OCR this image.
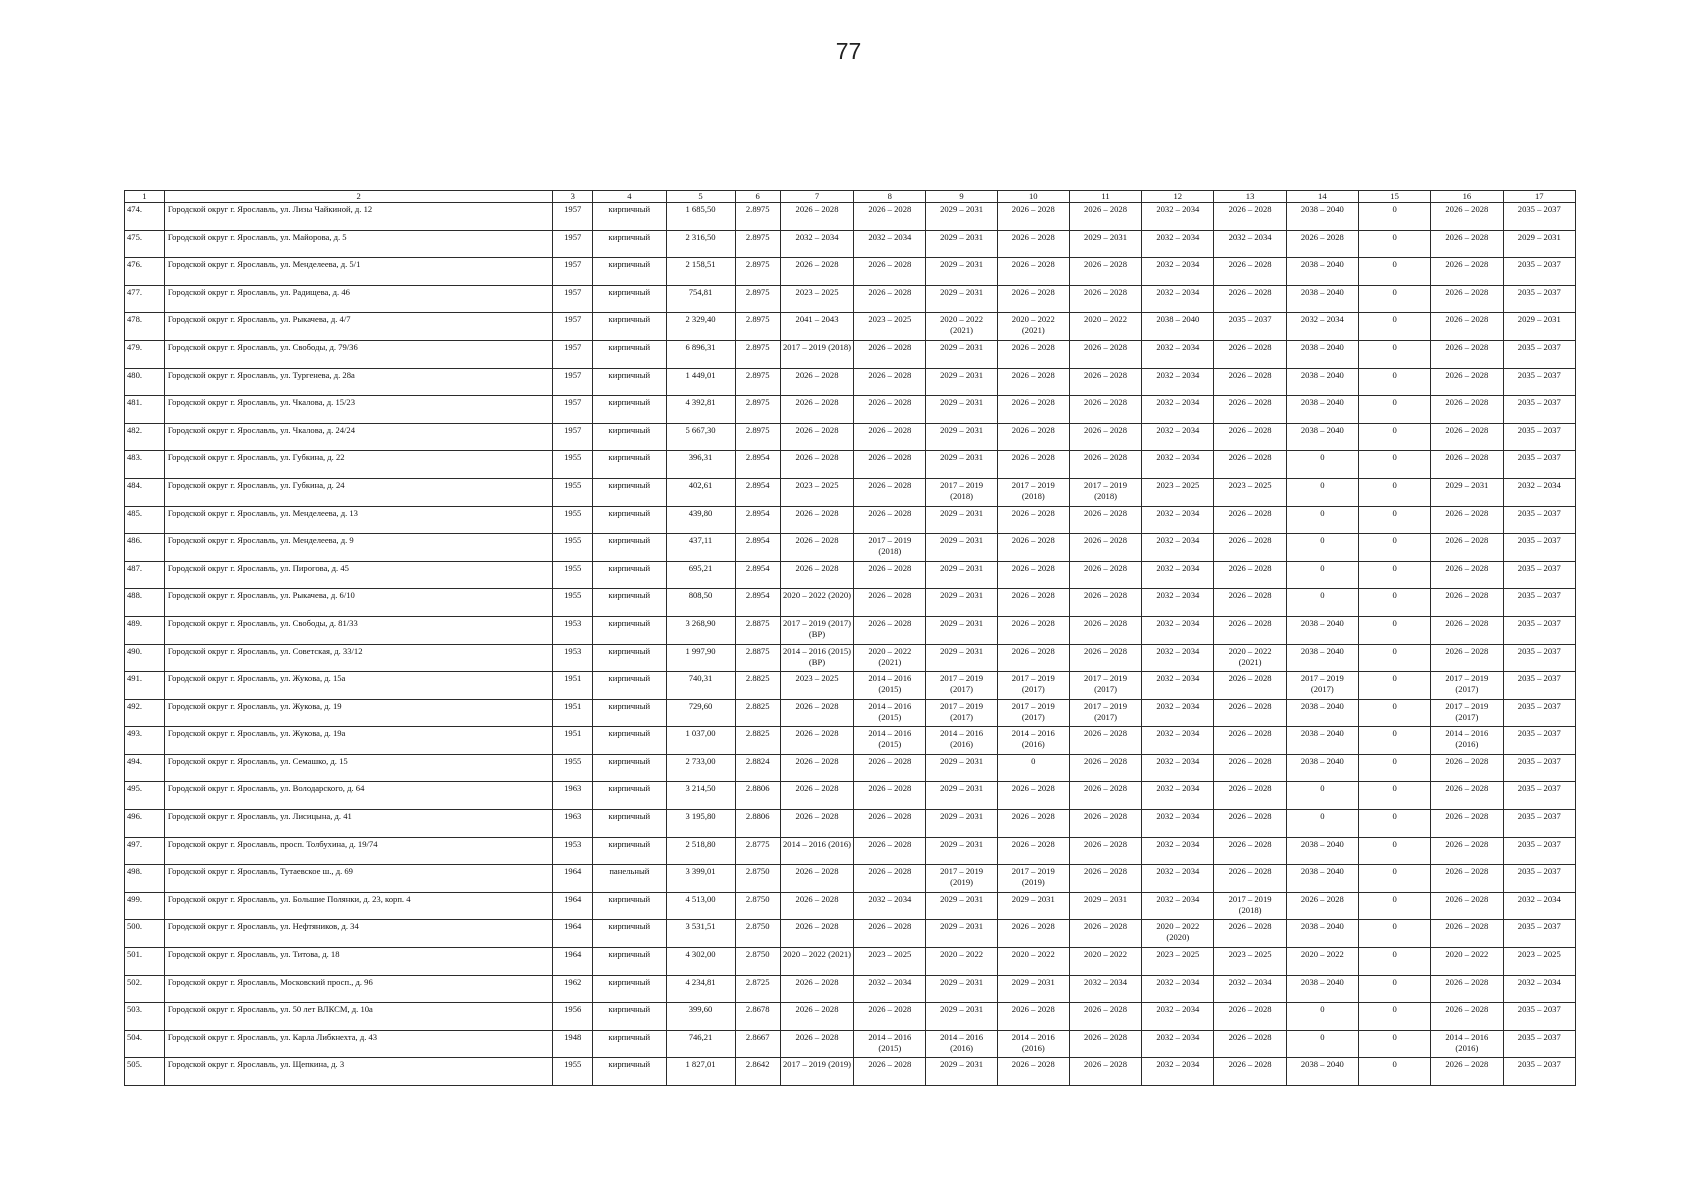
77
1	2	3	4	5	6	7	8	9	10	11	12	13	14	15	16	17
474.	Городской округ г. Ярославль, ул. Лизы Чайкиной, д. 12	1957	кирпичный	1 685,50	2.8975	2026 – 2028	2026 – 2028	2029 – 2031	2026 – 2028	2026 – 2028	2032 – 2034	2026 – 2028	2038 – 2040	0	2026 – 2028	2035 – 2037
475.	Городской округ г. Ярославль, ул. Майорова, д. 5	1957	кирпичный	2 316,50	2.8975	2032 – 2034	2032 – 2034	2029 – 2031	2026 – 2028	2029 – 2031	2032 – 2034	2032 – 2034	2026 – 2028	0	2026 – 2028	2029 – 2031
476.	Городской округ г. Ярославль, ул. Менделеева, д. 5/1	1957	кирпичный	2 158,51	2.8975	2026 – 2028	2026 – 2028	2029 – 2031	2026 – 2028	2026 – 2028	2032 – 2034	2026 – 2028	2038 – 2040	0	2026 – 2028	2035 – 2037
477.	Городской округ г. Ярославль, ул. Радищева, д. 46	1957	кирпичный	754,81	2.8975	2023 – 2025	2026 – 2028	2029 – 2031	2026 – 2028	2026 – 2028	2032 – 2034	2026 – 2028	2038 – 2040	0	2026 – 2028	2035 – 2037
478.	Городской округ г. Ярославль, ул. Рыкачева, д. 4/7	1957	кирпичный	2 329,40	2.8975	2041 – 2043	2023 – 2025	2020 – 2022 (2021)	2020 – 2022 (2021)	2020 – 2022	2038 – 2040	2035 – 2037	2032 – 2034	0	2026 – 2028	2029 – 2031
479.	Городской округ г. Ярославль, ул. Свободы, д. 79/36	1957	кирпичный	6 896,31	2.8975	2017 – 2019 (2018)	2026 – 2028	2029 – 2031	2026 – 2028	2026 – 2028	2032 – 2034	2026 – 2028	2038 – 2040	0	2026 – 2028	2035 – 2037
480.	Городской округ г. Ярославль, ул. Тургенева, д. 28а	1957	кирпичный	1 449,01	2.8975	2026 – 2028	2026 – 2028	2029 – 2031	2026 – 2028	2026 – 2028	2032 – 2034	2026 – 2028	2038 – 2040	0	2026 – 2028	2035 – 2037
481.	Городской округ г. Ярославль, ул. Чкалова, д. 15/23	1957	кирпичный	4 392,81	2.8975	2026 – 2028	2026 – 2028	2029 – 2031	2026 – 2028	2026 – 2028	2032 – 2034	2026 – 2028	2038 – 2040	0	2026 – 2028	2035 – 2037
482.	Городской округ г. Ярославль, ул. Чкалова, д. 24/24	1957	кирпичный	5 667,30	2.8975	2026 – 2028	2026 – 2028	2029 – 2031	2026 – 2028	2026 – 2028	2032 – 2034	2026 – 2028	2038 – 2040	0	2026 – 2028	2035 – 2037
483.	Городской округ г. Ярославль, ул. Губкина, д. 22	1955	кирпичный	396,31	2.8954	2026 – 2028	2026 – 2028	2029 – 2031	2026 – 2028	2026 – 2028	2032 – 2034	2026 – 2028	0	0	2026 – 2028	2035 – 2037
484.	Городской округ г. Ярославль, ул. Губкина, д. 24	1955	кирпичный	402,61	2.8954	2023 – 2025	2026 – 2028	2017 – 2019 (2018)	2017 – 2019 (2018)	2017 – 2019 (2018)	2023 – 2025	2023 – 2025	0	0	2029 – 2031	2032 – 2034
485.	Городской округ г. Ярославль, ул. Менделеева, д. 13	1955	кирпичный	439,80	2.8954	2026 – 2028	2026 – 2028	2029 – 2031	2026 – 2028	2026 – 2028	2032 – 2034	2026 – 2028	0	0	2026 – 2028	2035 – 2037
486.	Городской округ г. Ярославль, ул. Менделеева, д. 9	1955	кирпичный	437,11	2.8954	2026 – 2028	2017 – 2019 (2018)	2029 – 2031	2026 – 2028	2026 – 2028	2032 – 2034	2026 – 2028	0	0	2026 – 2028	2035 – 2037
487.	Городской округ г. Ярославль, ул. Пирогова, д. 45	1955	кирпичный	695,21	2.8954	2026 – 2028	2026 – 2028	2029 – 2031	2026 – 2028	2026 – 2028	2032 – 2034	2026 – 2028	0	0	2026 – 2028	2035 – 2037
488.	Городской округ г. Ярославль, ул. Рыкачева, д. 6/10	1955	кирпичный	808,50	2.8954	2020 – 2022 (2020)	2026 – 2028	2029 – 2031	2026 – 2028	2026 – 2028	2032 – 2034	2026 – 2028	0	0	2026 – 2028	2035 – 2037
489.	Городской округ г. Ярославль, ул. Свободы, д. 81/33	1953	кирпичный	3 268,90	2.8875	2017 – 2019 (2017) (ВР)	2026 – 2028	2029 – 2031	2026 – 2028	2026 – 2028	2032 – 2034	2026 – 2028	2038 – 2040	0	2026 – 2028	2035 – 2037
490.	Городской округ г. Ярославль, ул. Советская, д. 33/12	1953	кирпичный	1 997,90	2.8875	2014 – 2016 (2015) (ВР)	2020 – 2022 (2021)	2029 – 2031	2026 – 2028	2026 – 2028	2032 – 2034	2020 – 2022 (2021)	2038 – 2040	0	2026 – 2028	2035 – 2037
491.	Городской округ г. Ярославль, ул. Жукова, д. 15а	1951	кирпичный	740,31	2.8825	2023 – 2025	2014 – 2016 (2015)	2017 – 2019 (2017)	2017 – 2019 (2017)	2017 – 2019 (2017)	2032 – 2034	2026 – 2028	2017 – 2019 (2017)	0	2017 – 2019 (2017)	2035 – 2037
492.	Городской округ г. Ярославль, ул. Жукова, д. 19	1951	кирпичный	729,60	2.8825	2026 – 2028	2014 – 2016 (2015)	2017 – 2019 (2017)	2017 – 2019 (2017)	2017 – 2019 (2017)	2032 – 2034	2026 – 2028	2038 – 2040	0	2017 – 2019 (2017)	2035 – 2037
493.	Городской округ г. Ярославль, ул. Жукова, д. 19а	1951	кирпичный	1 037,00	2.8825	2026 – 2028	2014 – 2016 (2015)	2014 – 2016 (2016)	2014 – 2016 (2016)	2026 – 2028	2032 – 2034	2026 – 2028	2038 – 2040	0	2014 – 2016 (2016)	2035 – 2037
494.	Городской округ г. Ярославль, ул. Семашко, д. 15	1955	кирпичный	2 733,00	2.8824	2026 – 2028	2026 – 2028	2029 – 2031	0	2026 – 2028	2032 – 2034	2026 – 2028	2038 – 2040	0	2026 – 2028	2035 – 2037
495.	Городской округ г. Ярославль, ул. Володарского, д. 64	1963	кирпичный	3 214,50	2.8806	2026 – 2028	2026 – 2028	2029 – 2031	2026 – 2028	2026 – 2028	2032 – 2034	2026 – 2028	0	0	2026 – 2028	2035 – 2037
496.	Городской округ г. Ярославль, ул. Лисицына, д. 41	1963	кирпичный	3 195,80	2.8806	2026 – 2028	2026 – 2028	2029 – 2031	2026 – 2028	2026 – 2028	2032 – 2034	2026 – 2028	0	0	2026 – 2028	2035 – 2037
497.	Городской округ г. Ярославль, просп. Толбухина, д. 19/74	1953	кирпичный	2 518,80	2.8775	2014 – 2016 (2016)	2026 – 2028	2029 – 2031	2026 – 2028	2026 – 2028	2032 – 2034	2026 – 2028	2038 – 2040	0	2026 – 2028	2035 – 2037
498.	Городской округ г. Ярославль, Тутаевское ш., д. 69	1964	панельный	3 399,01	2.8750	2026 – 2028	2026 – 2028	2017 – 2019 (2019)	2017 – 2019 (2019)	2026 – 2028	2032 – 2034	2026 – 2028	2038 – 2040	0	2026 – 2028	2035 – 2037
499.	Городской округ г. Ярославль, ул. Большие Полянки, д. 23, корп. 4	1964	кирпичный	4 513,00	2.8750	2026 – 2028	2032 – 2034	2029 – 2031	2029 – 2031	2029 – 2031	2032 – 2034	2017 – 2019 (2018)	2026 – 2028	0	2026 – 2028	2032 – 2034
500.	Городской округ г. Ярославль, ул. Нефтяников, д. 34	1964	кирпичный	3 531,51	2.8750	2026 – 2028	2026 – 2028	2029 – 2031	2026 – 2028	2026 – 2028	2020 – 2022 (2020)	2026 – 2028	2038 – 2040	0	2026 – 2028	2035 – 2037
501.	Городской округ г. Ярославль, ул. Титова, д. 18	1964	кирпичный	4 302,00	2.8750	2020 – 2022 (2021)	2023 – 2025	2020 – 2022	2020 – 2022	2020 – 2022	2023 – 2025	2023 – 2025	2020 – 2022	0	2020 – 2022	2023 – 2025
502.	Городской округ г. Ярославль, Московский просп., д. 96	1962	кирпичный	4 234,81	2.8725	2026 – 2028	2032 – 2034	2029 – 2031	2029 – 2031	2032 – 2034	2032 – 2034	2032 – 2034	2038 – 2040	0	2026 – 2028	2032 – 2034
503.	Городской округ г. Ярославль, ул. 50 лет ВЛКСМ, д. 10а	1956	кирпичный	399,60	2.8678	2026 – 2028	2026 – 2028	2029 – 2031	2026 – 2028	2026 – 2028	2032 – 2034	2026 – 2028	0	0	2026 – 2028	2035 – 2037
504.	Городской округ г. Ярославль, ул. Карла Либкнехта, д. 43	1948	кирпичный	746,21	2.8667	2026 – 2028	2014 – 2016 (2015)	2014 – 2016 (2016)	2014 – 2016 (2016)	2026 – 2028	2032 – 2034	2026 – 2028	0	0	2014 – 2016 (2016)	2035 – 2037
505.	Городской округ г. Ярославль, ул. Щепкина, д. 3	1955	кирпичный	1 827,01	2.8642	2017 – 2019 (2019)	2026 – 2028	2029 – 2031	2026 – 2028	2026 – 2028	2032 – 2034	2026 – 2028	2038 – 2040	0	2026 – 2028	2035 – 2037
